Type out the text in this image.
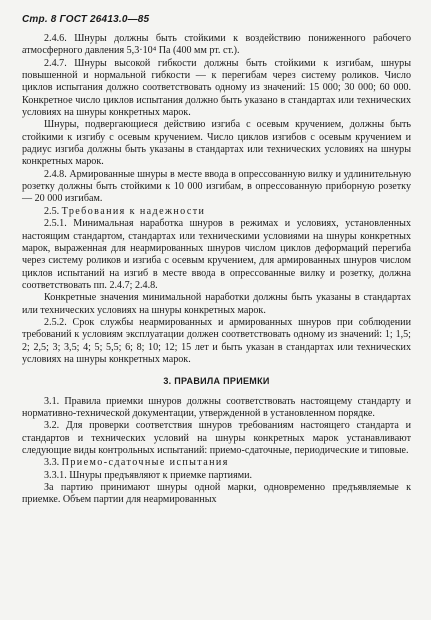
Стр. 8 ГОСТ 26413.0—85

2.4.6. Шнуры должны быть стойкими к воздействию пониженного рабочего атмосферного давления 5,3·10⁴ Па (400 мм рт. ст.).

2.4.7. Шнуры высокой гибкости должны быть стойкими к изгибам, шнуры повышенной и нормальной гибкости — к перегибам через систему роликов. Число циклов испытания должно соответствовать одному из значений: 15 000; 30 000; 60 000. Конкретное число циклов испытания должно быть указано в стандартах или технических условиях на шнуры конкретных марок.

Шнуры, подвергающиеся действию изгиба с осевым кручением, должны быть стойкими к изгибу с осевым кручением. Число циклов изгибов с осевым кручением и радиус изгиба должны быть указаны в стандартах или технических условиях на шнуры конкретных марок.

2.4.8. Армированные шнуры в месте ввода в опрессованную вилку и удлинительную розетку должны быть стойкими к 10 000 изгибам, в опрессованную приборную розетку — 20 000 изгибам.

2.5. Требования к надежности

2.5.1. Минимальная наработка шнуров в режимах и условиях, установленных настоящим стандартом, стандартах или техническими условиями на шнуры конкретных марок, выраженная для неармированных шнуров числом циклов деформаций перегиба через систему роликов и изгиба с осевым кручением, для армированных шнуров числом циклов испытаний на изгиб в месте ввода в опрессованные вилку и розетку, должна соответствовать пп. 2.4.7; 2.4.8.

Конкретные значения минимальной наработки должны быть указаны в стандартах или технических условиях на шнуры конкретных марок.

2.5.2. Срок службы неармированных и армированных шнуров при соблюдении требований к условиям эксплуатации должен соответствовать одному из значений: 1; 1,5; 2; 2,5; 3; 3,5; 4; 5; 5,5; 6; 8; 10; 12; 15 лет и быть указан в стандартах или технических условиях на шнуры конкретных марок.

3. ПРАВИЛА ПРИЕМКИ

3.1. Правила приемки шнуров должны соответствовать настоящему стандарту и нормативно-технической документации, утвержденной в установленном порядке.

3.2. Для проверки соответствия шнуров требованиям настоящего стандарта и стандартов и технических условий на шнуры конкретных марок устанавливают следующие виды контрольных испытаний: приемо-сдаточные, периодические и типовые.

3.3. Приемо-сдаточные испытания

3.3.1. Шнуры предъявляют к приемке партиями.

За партию принимают шнуры одной марки, одновременно предъявляемые к приемке. Объем партии для неармированных
